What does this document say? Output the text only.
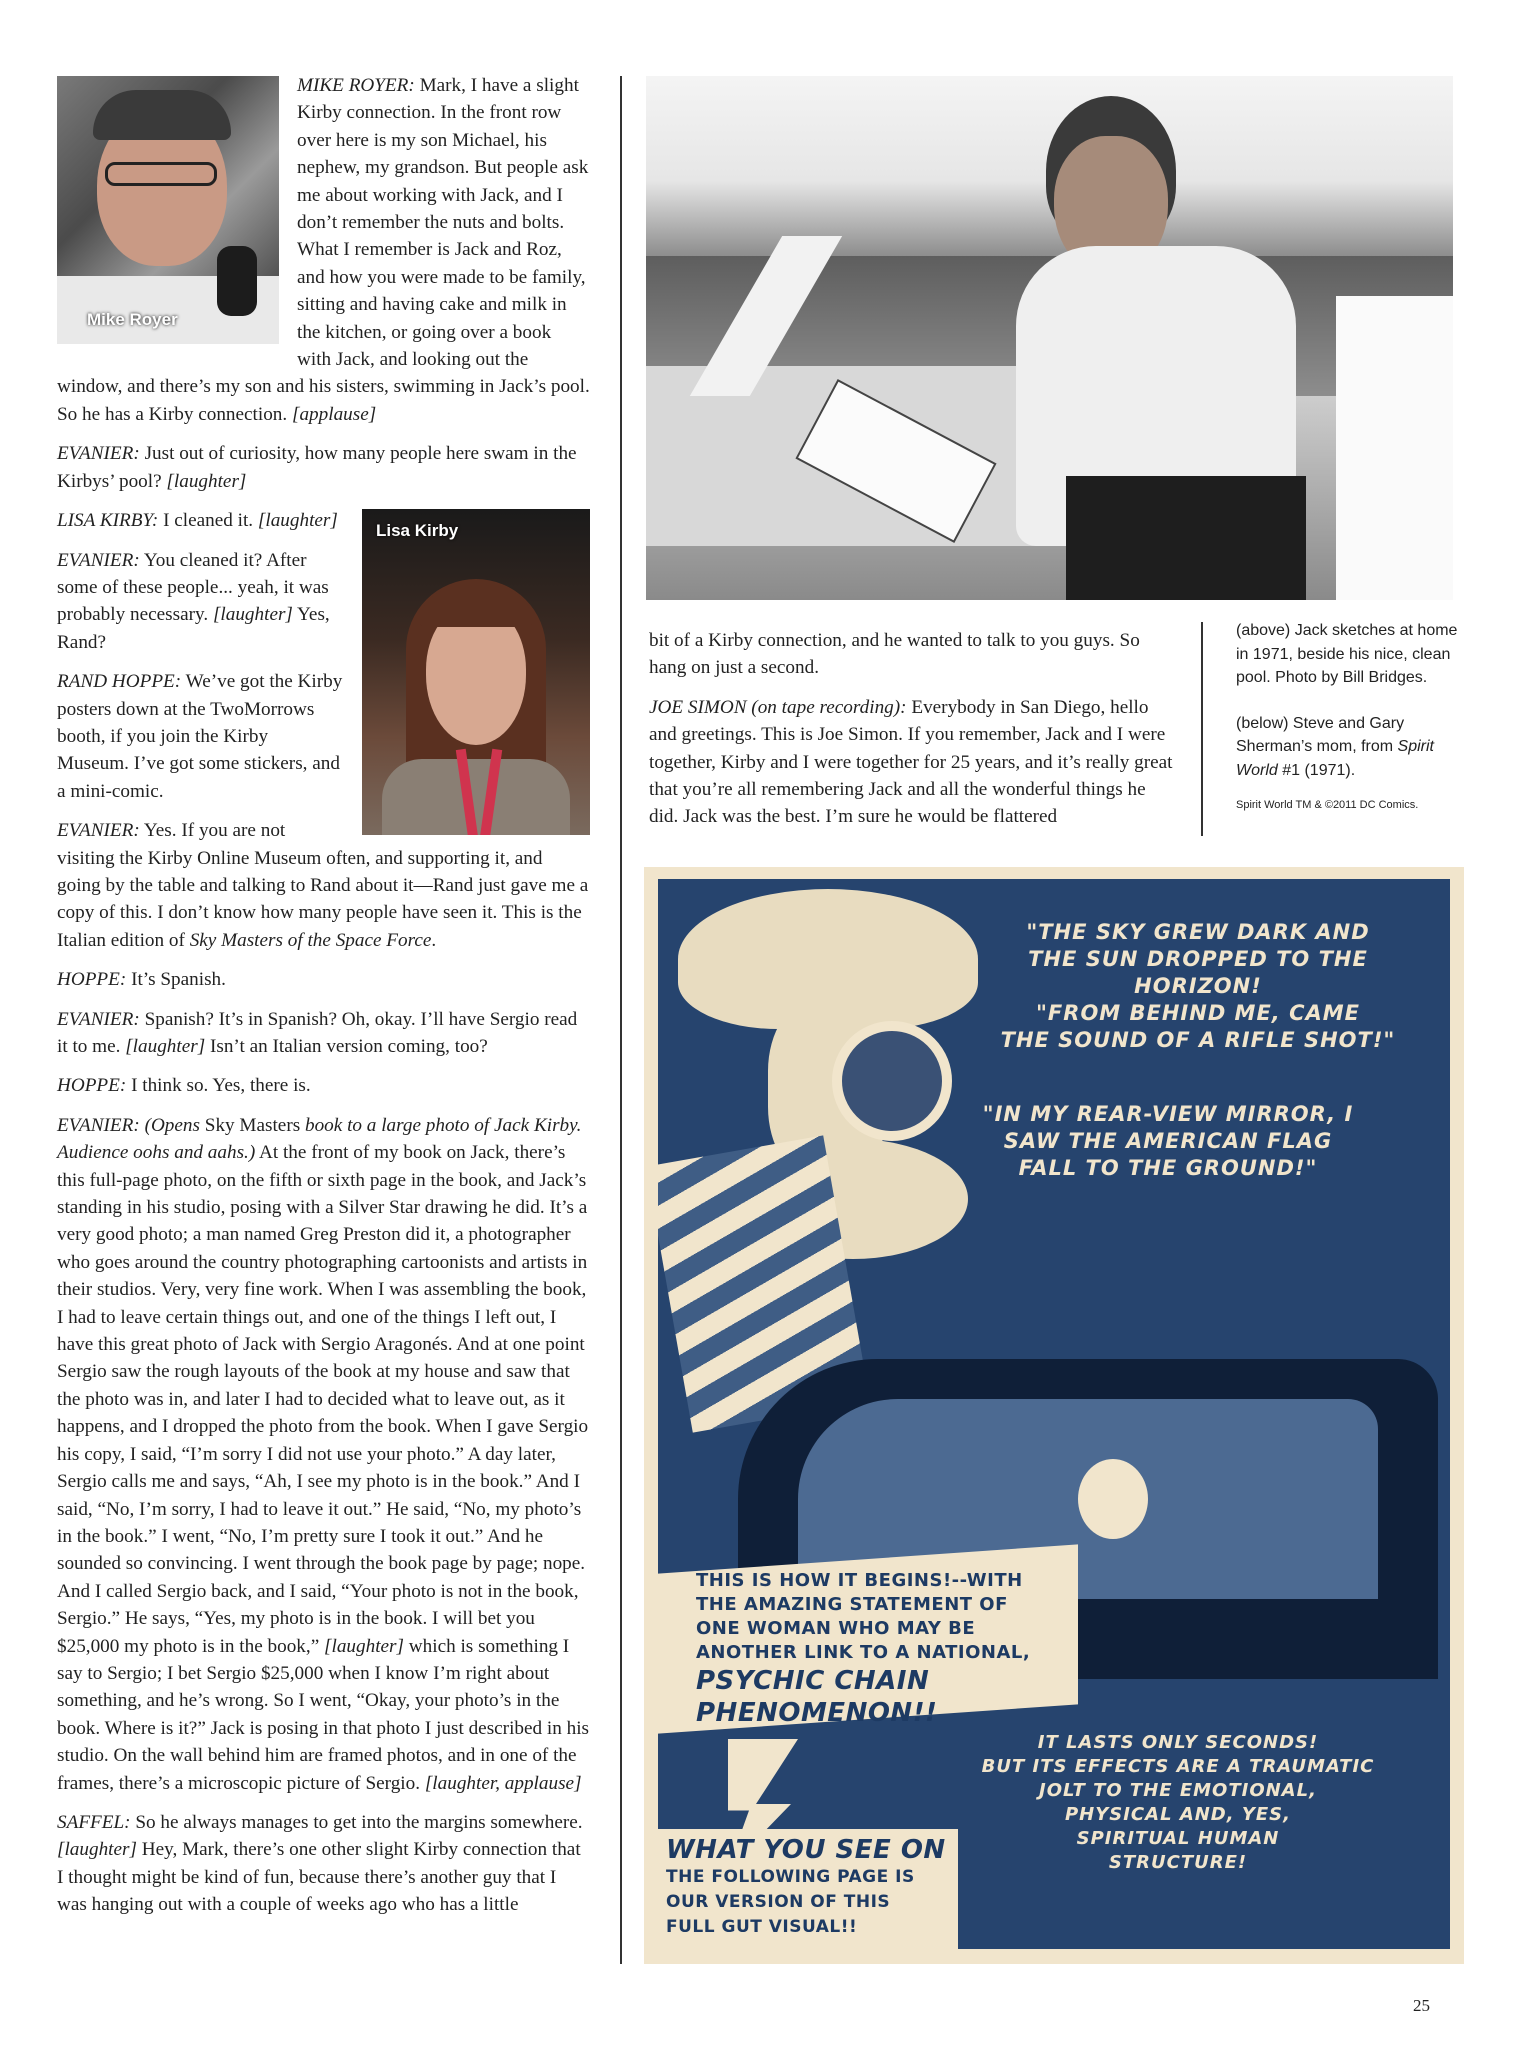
Mike Royer

MIKE ROYER: Mark, I have a slight Kirby connection. In the front row over here is my son Michael, his nephew, my grandson. But people ask me about working with Jack, and I don’t remember the nuts and bolts. What I remember is Jack and Roz, and how you were made to be family, sitting and having cake and milk in the kitchen, or going over a book with Jack, and looking out the window, and there’s my son and his sisters, swimming in Jack’s pool. So he has a Kirby connection. [applause]

EVANIER: Just out of curiosity, how many people here swam in the Kirbys’ pool? [laughter]

Lisa Kirby

LISA KIRBY: I cleaned it. [laughter]

EVANIER: You cleaned it? After some of these people... yeah, it was probably necessary. [laughter] Yes, Rand?

RAND HOPPE: We’ve got the Kirby posters down at the TwoMorrows booth, if you join the Kirby Museum. I’ve got some stickers, and a mini-comic.

EVANIER: Yes. If you are not visiting the Kirby Online Museum often, and supporting it, and going by the table and talking to Rand about it—Rand just gave me a copy of this. I don’t know how many people have seen it. This is the Italian edition of Sky Masters of the Space Force.

HOPPE: It’s Spanish.

EVANIER: Spanish? It’s in Spanish? Oh, okay. I’ll have Sergio read it to me. [laughter] Isn’t an Italian version coming, too?

HOPPE: I think so. Yes, there is.

EVANIER: (Opens Sky Masters book to a large photo of Jack Kirby. Audience oohs and aahs.) At the front of my book on Jack, there’s this full-page photo, on the fifth or sixth page in the book, and Jack’s standing in his studio, posing with a Silver Star drawing he did. It’s a very good photo; a man named Greg Preston did it, a photographer who goes around the country photographing cartoonists and artists in their studios. Very, very fine work. When I was assembling the book, I had to leave certain things out, and one of the things I left out, I have this great photo of Jack with Sergio Aragonés. And at one point Sergio saw the rough layouts of the book at my house and saw that the photo was in, and later I had to decided what to leave out, as it happens, and I dropped the photo from the book. When I gave Sergio his copy, I said, “I’m sorry I did not use your photo.” A day later, Sergio calls me and says, “Ah, I see my photo is in the book.” And I said, “No, I’m sorry, I had to leave it out.” He said, “No, my photo’s in the book.” I went, “No, I’m pretty sure I took it out.” And he sounded so convincing. I went through the book page by page; nope. And I called Sergio back, and I said, “Your photo is not in the book, Sergio.” He says, “Yes, my photo is in the book. I will bet you $25,000 my photo is in the book,” [laughter] which is something I say to Sergio; I bet Sergio $25,000 when I know I’m right about something, and he’s wrong. So I went, “Okay, your photo’s in the book. Where is it?” Jack is posing in that photo I just described in his studio. On the wall behind him are framed photos, and in one of the frames, there’s a microscopic picture of Sergio. [laughter, applause]

SAFFEL: So he always manages to get into the margins somewhere. [laughter] Hey, Mark, there’s one other slight Kirby connection that I thought might be kind of fun, because there’s another guy that I was hanging out with a couple of weeks ago who has a little

bit of a Kirby connection, and he wanted to talk to you guys. So hang on just a second.

JOE SIMON (on tape recording): Everybody in San Diego, hello and greetings. This is Joe Simon. If you remember, Jack and I were together, Kirby and I were together for 25 years, and it’s really great that you’re all remembering Jack and all the wonderful things he did. Jack was the best. I’m sure he would be flattered

(above) Jack sketches at home in 1971, beside his nice, clean pool. Photo by Bill Bridges.

(below) Steve and Gary Sherman’s mom, from Spirit World #1 (1971).

Spirit World TM & ©2011 DC Comics.

"THE SKY GREW DARK AND
THE SUN DROPPED TO THE
HORIZON!
"FROM BEHIND ME, CAME
THE SOUND OF A RIFLE SHOT!"
"IN MY REAR-VIEW MIRROR, I
SAW THE AMERICAN FLAG
FALL TO THE GROUND!"
THIS IS HOW IT BEGINS!--WITH
THE AMAZING STATEMENT OF
ONE WOMAN WHO MAY BE
ANOTHER LINK TO A NATIONAL,
PSYCHIC CHAIN PHENOMENON!!
IT LASTS ONLY SECONDS!
BUT ITS EFFECTS ARE A TRAUMATIC
JOLT TO THE EMOTIONAL,
PHYSICAL AND, YES,
SPIRITUAL HUMAN
STRUCTURE!
WHAT YOU SEE ON
THE FOLLOWING PAGE IS
OUR VERSION OF THIS
FULL GUT VISUAL!!
25
